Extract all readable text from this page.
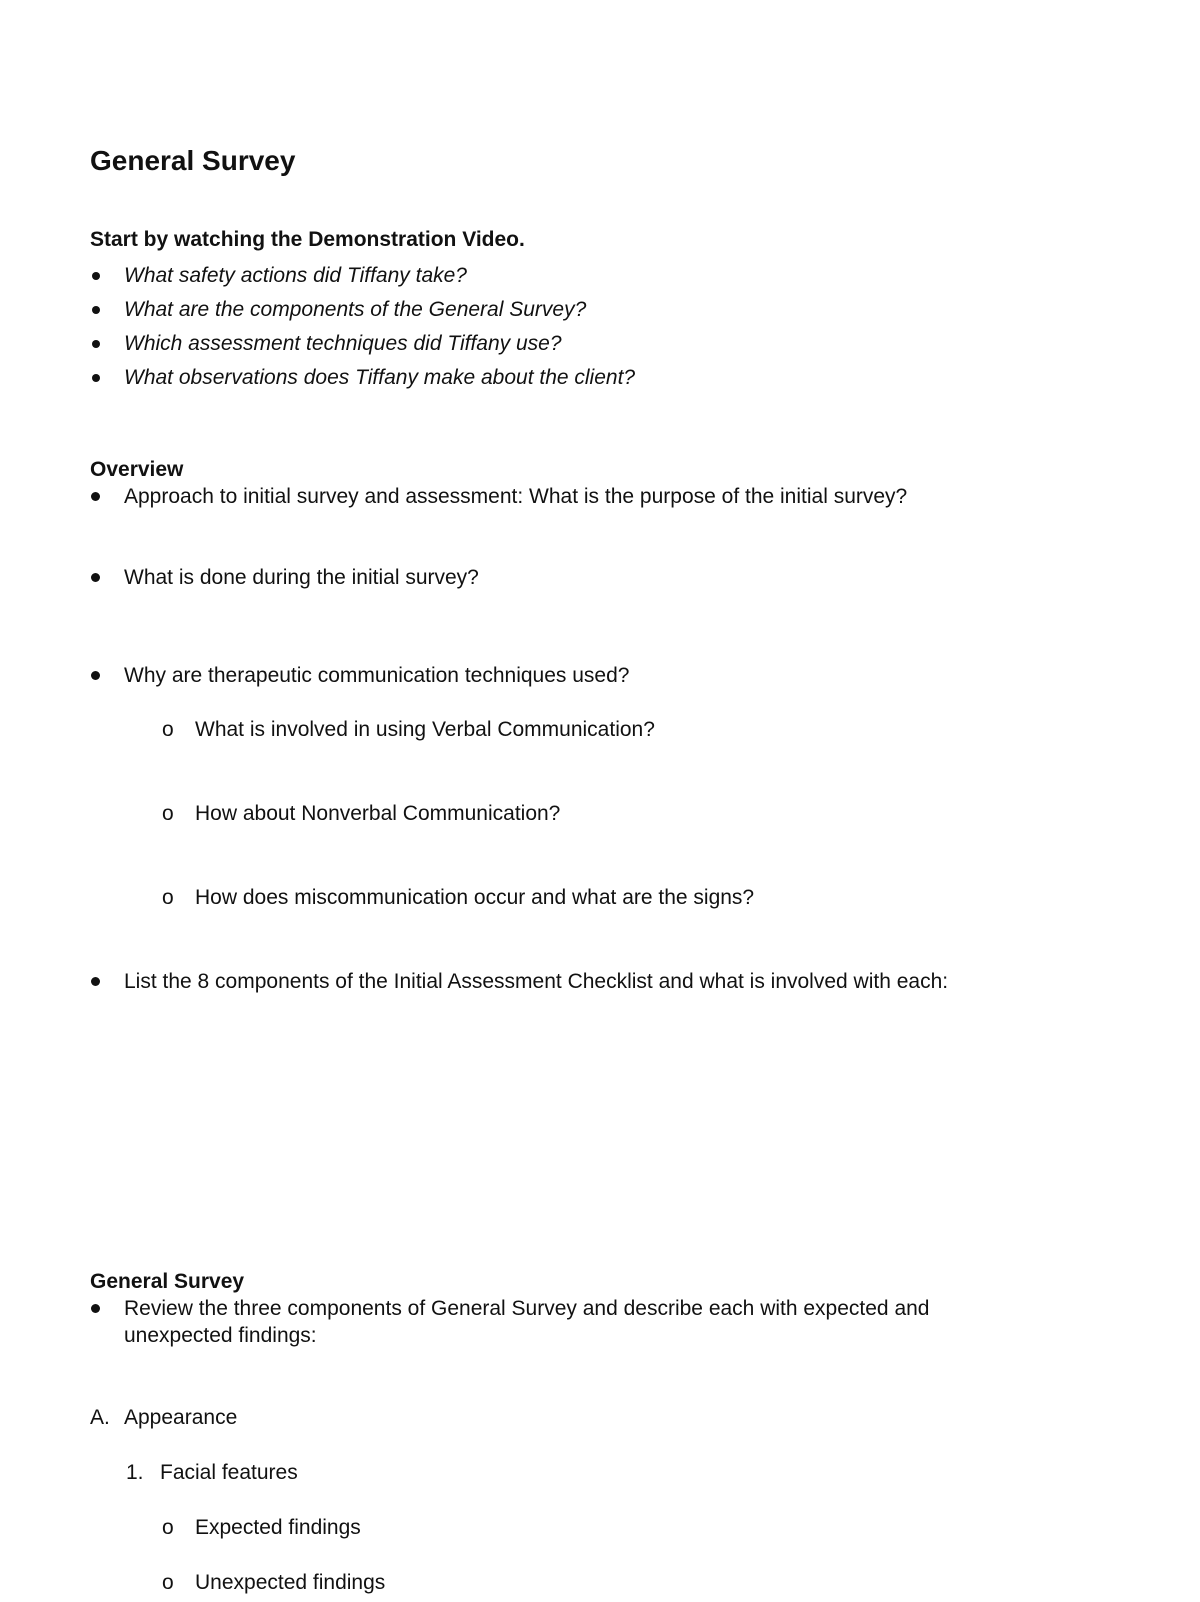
General Survey
Start by watching the Demonstration Video.
What safety actions did Tiffany take?
What are the components of the General Survey?
Which assessment techniques did Tiffany use?
What observations does Tiffany make about the client?
Overview
Approach to initial survey and assessment: What is the purpose of the initial survey?
What is done during the initial survey?
Why are therapeutic communication techniques used?
o What is involved in using Verbal Communication?
o How about Nonverbal Communication?
o How does miscommunication occur and what are the signs?
List the 8 components of the Initial Assessment Checklist and what is involved with each:
General Survey
Review the three components of General Survey and describe each with expected and
unexpected findings:
A. Appearance
1. Facial features
o Expected findings
o Unexpected findings
